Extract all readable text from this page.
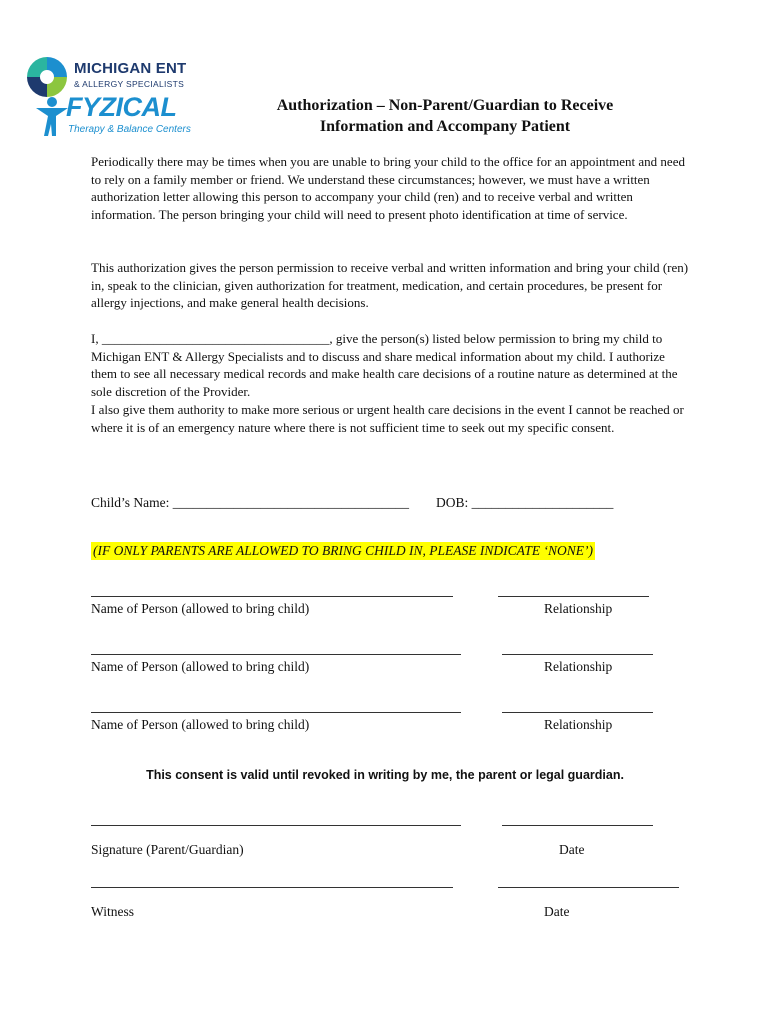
MICHIGAN ENT
& ALLERGY SPECIALISTS
FYZICAL
Therapy & Balance Centers
Authorization – Non-Parent/Guardian to Receive
Information and Accompany Patient
Periodically there may be times when you are unable to bring your child to the office for an appointment and need to rely on a family member or friend. We understand these circumstances; however, we must have a written authorization letter allowing this person to accompany your child (ren) and to receive verbal and written information. The person bringing your child will need to present photo identification at time of service.
This authorization gives the person permission to receive verbal and written information and bring your child (ren) in, speak to the clinician, given authorization for treatment, medication, and certain procedures, be present for allergy injections, and make general health decisions.
I, ___________________________________, give the person(s) listed below permission to bring my child to Michigan ENT & Allergy Specialists and to discuss and share medical information about my child. I authorize them to see all necessary medical records and make health care decisions of a routine nature as determined at the sole discretion of the Provider.
I also give them authority to make more serious or urgent health care decisions in the event I cannot be reached or where it is of an emergency nature where there is not sufficient time to seek out my specific consent.
Child’s Name: ___________________________________ DOB: _____________________
(IF ONLY PARENTS ARE ALLOWED TO BRING CHILD IN, PLEASE INDICATE ‘NONE’)
Name of Person (allowed to bring child)	Relationship
Name of Person (allowed to bring child)	Relationship
Name of Person (allowed to bring child)	Relationship
This consent is valid until revoked in writing by me, the parent or legal guardian.
Signature (Parent/Guardian)	Date
Witness	Date
